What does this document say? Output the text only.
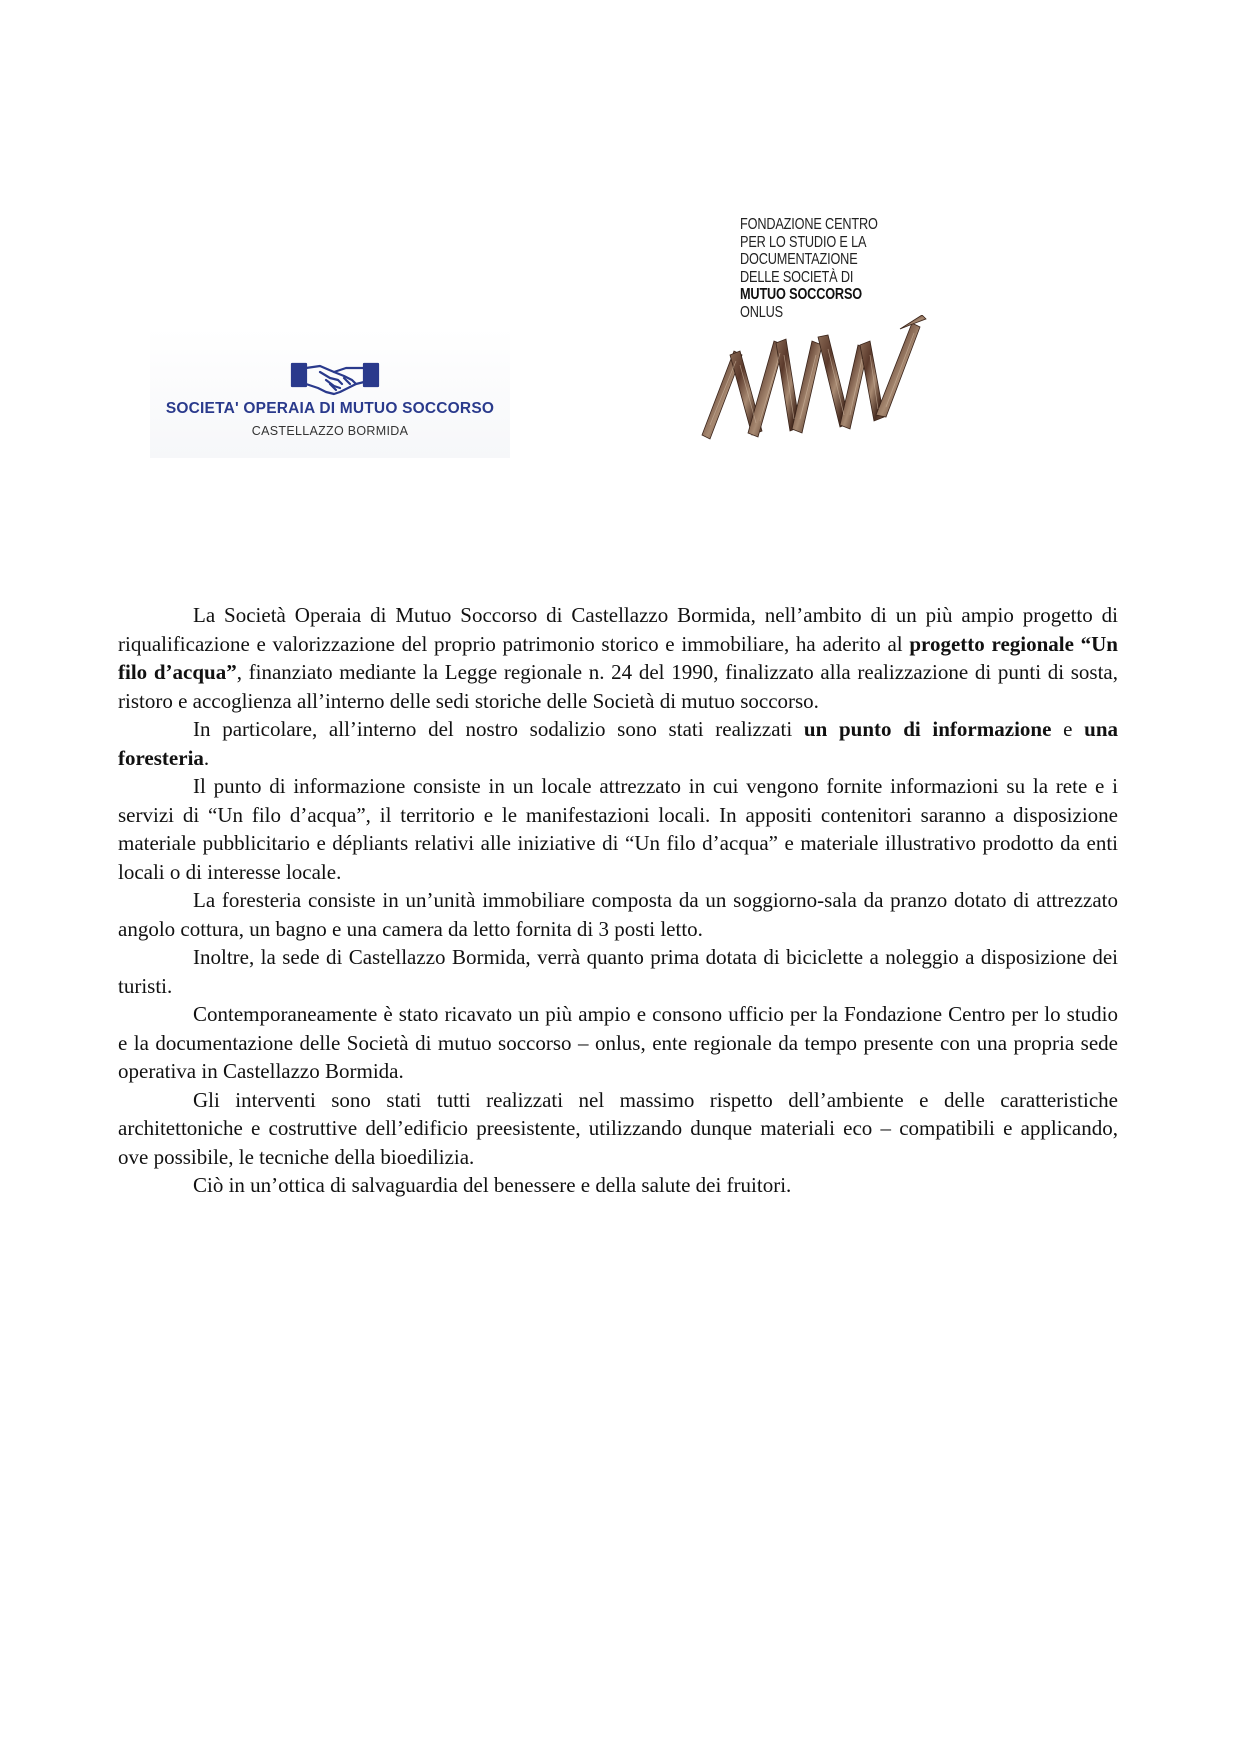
SOCIETA' OPERAIA DI MUTUO SOCCORSO
CASTELLAZZO BORMIDA
FONDAZIONE CENTRO
PER LO STUDIO E LA
DOCUMENTAZIONE
DELLE SOCIETÀ DI
MUTUO SOCCORSO
ONLUS

La Società Operaia di Mutuo Soccorso di Castellazzo Bormida, nell’ambito di un più ampio progetto di riqualificazione e valorizzazione del proprio patrimonio storico e immobiliare, ha aderito al progetto regionale “Un filo d’acqua”, finanziato mediante la Legge regionale n. 24 del 1990, finalizzato alla realizzazione di punti di sosta, ristoro e accoglienza all’interno delle sedi storiche delle Società di mutuo soccorso.

In particolare, all’interno del nostro sodalizio sono stati realizzati un punto di informazione e una foresteria.

Il punto di informazione consiste in un locale attrezzato in cui vengono fornite informazioni su la rete e i servizi di “Un filo d’acqua”, il territorio e le manifestazioni locali. In appositi contenitori saranno a disposizione materiale pubblicitario e dépliants relativi alle iniziative di “Un filo d’acqua” e materiale illustrativo prodotto da enti locali o di interesse locale.

La foresteria consiste in un’unità immobiliare composta da un soggiorno-sala da pranzo dotato di attrezzato angolo cottura, un bagno e una camera da letto fornita di 3 posti letto.

Inoltre, la sede di Castellazzo Bormida, verrà quanto prima dotata di biciclette a noleggio a disposizione dei turisti.

Contemporaneamente è stato ricavato un più ampio e consono ufficio per la Fondazione Centro per lo studio e la documentazione delle Società di mutuo soccorso – onlus, ente regionale da tempo presente con una propria sede operativa in Castellazzo Bormida.

Gli interventi sono stati tutti realizzati nel massimo rispetto dell’ambiente e delle caratteristiche architettoniche e costruttive dell’edificio preesistente, utilizzando dunque materiali eco – compatibili e applicando, ove possibile, le tecniche della bioedilizia.

Ciò in un’ottica di salvaguardia del benessere e della salute dei fruitori.
